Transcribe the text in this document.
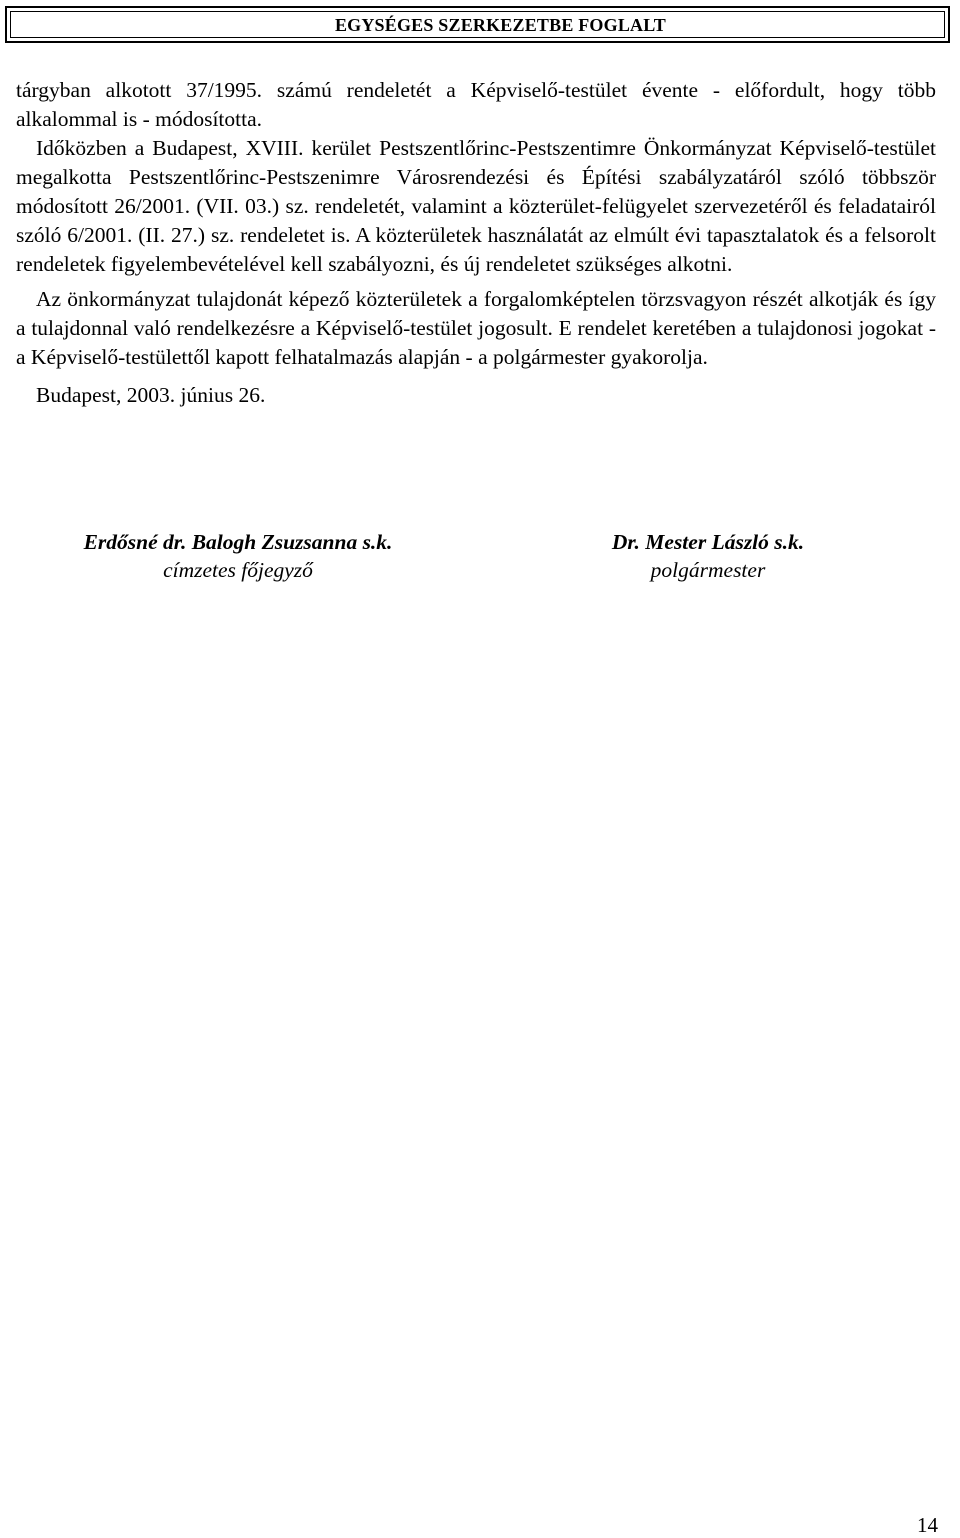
EGYSÉGES SZERKEZETBE FOGLALT

tárgyban alkotott 37/1995. számú rendeletét a Képviselő-testület évente - előfordult, hogy több alkalommal is - módosította.

Időközben a Budapest, XVIII. kerület Pestszentlőrinc-Pestszentimre Önkormányzat Képviselő-testület megalkotta Pestszentlőrinc-Pestszenimre Városrendezési és Építési szabályzatáról szóló többször módosított 26/2001. (VII. 03.) sz. rendeletét, valamint a közterület-felügyelet szervezetéről és feladatairól szóló 6/2001. (II. 27.) sz. rendeletet is. A közterületek használatát az elmúlt évi tapasztalatok és a felsorolt rendeletek figyelembevételével kell szabályozni, és új rendeletet szükséges alkotni.

Az önkormányzat tulajdonát képező közterületek a forgalomképtelen törzsvagyon részét alkotják és így a tulajdonnal való rendelkezésre a Képviselő-testület jogosult. E rendelet keretében a tulajdonosi jogokat - a Képviselő-testülettől kapott felhatalmazás alapján - a polgármester gyakorolja.

Budapest, 2003. június 26.
Erdősné dr. Balogh Zsuzsanna s.k.
címzetes főjegyző
Dr. Mester László s.k.
polgármester
14
